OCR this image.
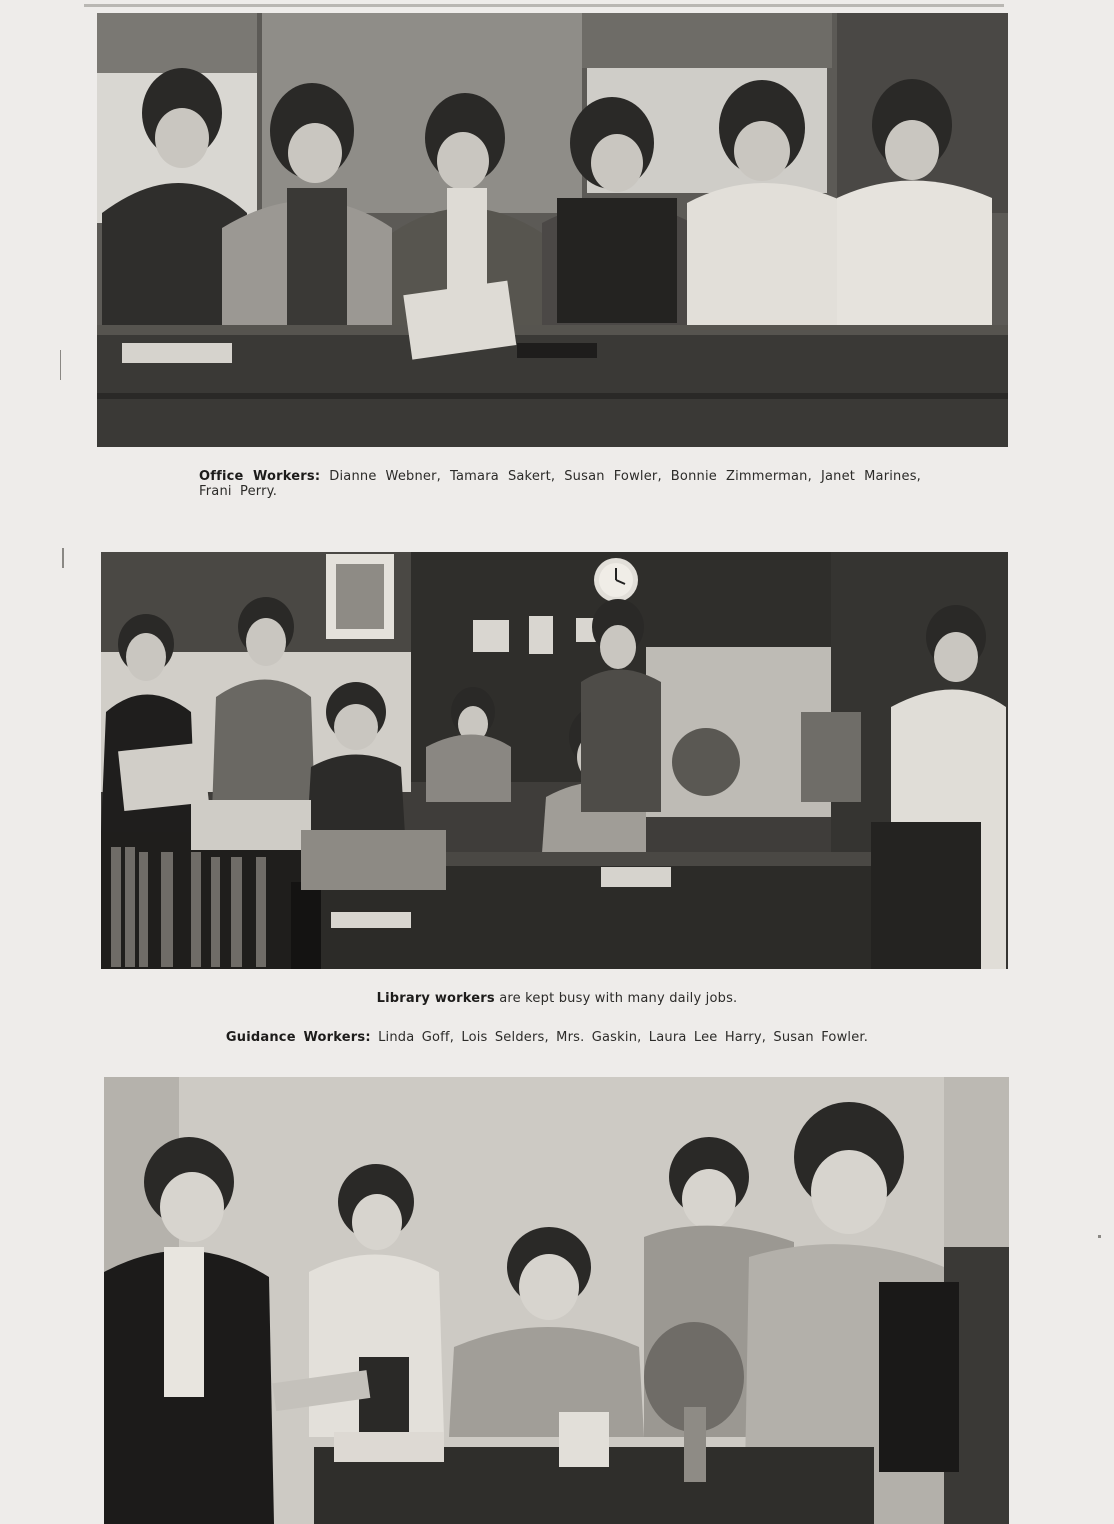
Office Workers: Dianne Webner, Tamara Sakert, Susan Fowler, Bonnie Zimmerman, Janet Marines, Frani Perry.
Library workers are kept busy with many daily jobs.
Guidance Workers: Linda Goff, Lois Selders, Mrs. Gaskin, Laura Lee Harry, Susan Fowler.
